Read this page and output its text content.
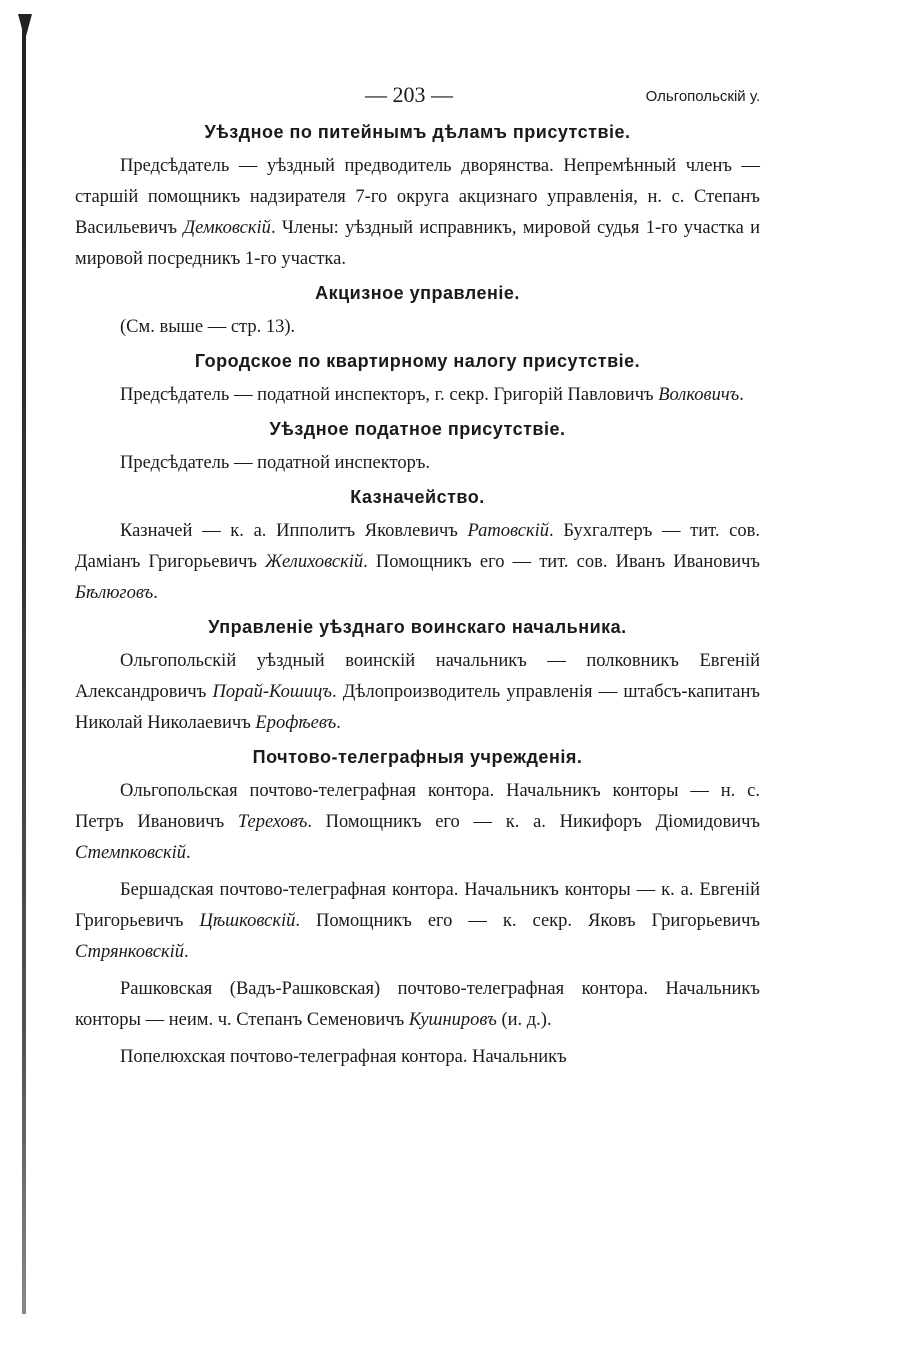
— 203 —	Ольгопольскій у.
Уѣздное по питейнымъ дѣламъ присутствіе.

Предсѣдатель — уѣздный предводитель дворянства. Непремѣнный членъ — старшій помощникъ надзирателя 7-го округа акцизнаго управленія, н. с. Степанъ Васильевичъ Демковскій. Члены: уѣздный исправникъ, мировой судья 1-го участка и мировой посредникъ 1-го участка.

Акцизное управленіе.

(См. выше — стр. 13).

Городское по квартирному налогу присутствіе.

Предсѣдатель — податной инспекторъ, г. секр. Григорій Павловичъ Волковичъ.

Уѣздное податное присутствіе.

Предсѣдатель — податной инспекторъ.

Казначейство.

Казначей — к. а. Ипполитъ Яковлевичъ Ратовскій. Бухгалтеръ — тит. сов. Даміанъ Григорьевичъ Желиховскій. Помощникъ его — тит. сов. Иванъ Ивановичъ Бѣлюговъ.

Управленіе уѣзднаго воинскаго начальника.

Ольгопольскій уѣздный воинскій начальникъ — полковникъ Евгеній Александровичъ Порай-Кошицъ. Дѣлопроизводитель управленія — штабсъ-капитанъ Николай Николаевичъ Ерофѣевъ.

Почтово-телеграфныя учрежденія.

Ольгопольская почтово-телеграфная контора. Начальникъ конторы — н. с. Петръ Ивановичъ Тереховъ. Помощникъ его — к. а. Никифоръ Діомидовичъ Стемпковскій.

Бершадская почтово-телеграфная контора. Начальникъ конторы — к. а. Евгеній Григорьевичъ Цѣшковскій. Помощникъ его — к. секр. Яковъ Григорьевичъ Стрянковскій.

Рашковская (Вадъ-Рашковская) почтово-телеграфная контора. Начальникъ конторы — неим. ч. Степанъ Семеновичъ Кушнировъ (и. д.).

Попелюхская почтово-телеграфная контора. Начальникъ
